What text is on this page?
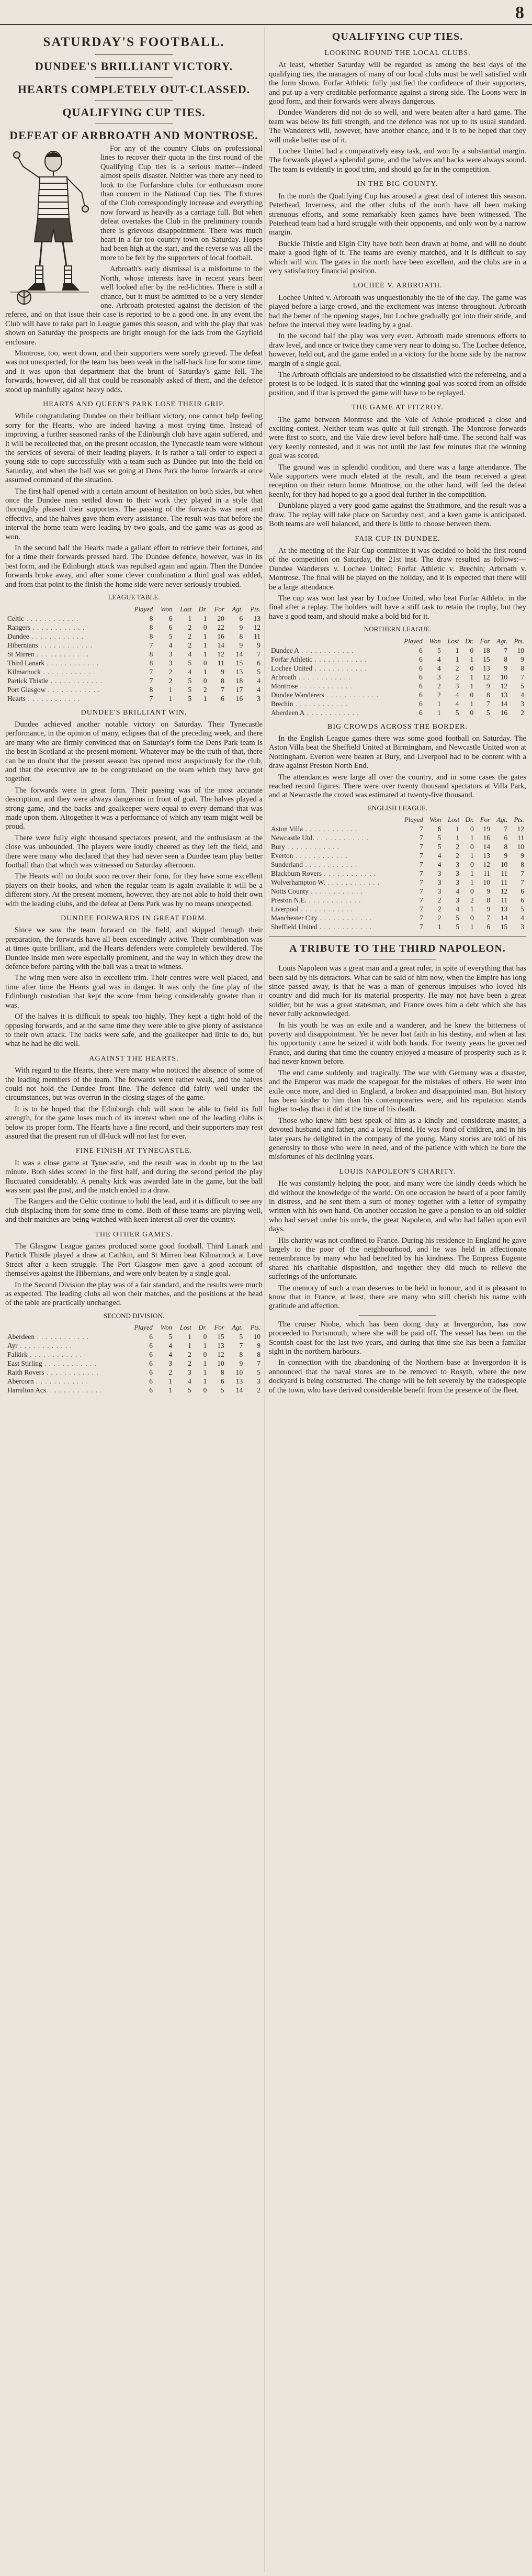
8
SATURDAY'S FOOTBALL.
DUNDEE'S BRILLIANT VICTORY.
HEARTS COMPLETELY OUT-CLASSED.
QUALIFYING CUP TIES.
DEFEAT OF ARBROATH AND MONTROSE.

For any of the country Clubs on professional lines to recover their quota in the first round of the Qualifying Cup ties is a serious matter—indeed almost spells disaster. Neither was there any need to look to the Forfarshire clubs for enthusiasm more than concern in the National Cup ties. The fixtures of the Club correspondingly increase and everything now forward as heavily as a carriage full. But when defeat overtakes the Club in the preliminary rounds there is grievous disappointment. There was much heart in a far too country town on Saturday. Hopes had been high at the start, and the reverse was all the more to be felt by the supporters of local football.

Arbroath's early dismissal is a misfortune to the North, whose interests have in recent years been well looked after by the red-lichties. There is still a chance, but it must be admitted to be a very slender one. Arbroath protested against the decision of the referee, and on that issue their case is reported to be a good one. In any event the Club will have to take part in League games this season, and with the play that was shown on Saturday the prospects are bright enough for the lads from the Gayfield enclosure.

Montrose, too, went down, and their supporters were sorely grieved. The defeat was not unexpected, for the team has been weak in the half-back line for some time, and it was upon that department that the brunt of Saturday's game fell. The forwards, however, did all that could be reasonably asked of them, and the defence stood up manfully against heavy odds.

HEARTS AND QUEEN'S PARK LOSE THEIR GRIP.

While congratulating Dundee on their brilliant victory, one cannot help feeling sorry for the Hearts, who are indeed having a most trying time. Instead of improving, a further seasoned ranks of the Edinburgh club have again suffered, and it will be recollected that, on the present occasion, the Tynecastle team were without the services of several of their leading players. It is rather a tall order to expect a young side to cope successfully with a team such as Dundee put into the field on Saturday, and when the ball was set going at Dens Park the home forwards at once assumed command of the situation.

The first half opened with a certain amount of hesitation on both sides, but when once the Dundee men settled down to their work they played in a style that thoroughly pleased their supporters. The passing of the forwards was neat and effective, and the halves gave them every assistance. The result was that before the interval the home team were leading by two goals, and the game was as good as won.

In the second half the Hearts made a gallant effort to retrieve their fortunes, and for a time their forwards pressed hard. The Dundee defence, however, was in its best form, and the Edinburgh attack was repulsed again and again. Then the Dundee forwards broke away, and after some clever combination a third goal was added, and from that point to the finish the home side were never seriously troubled.

LEAGUE TABLE.
	Played	Won	Lost	Dr.	For	Agt.	Pts.
Celtic . . .	8	6	1	1	20	6	13
Rangers . . .	8	6	2	0	22	9	12
Dundee . . .	8	5	2	1	16	8	11
Hibernians . . .	7	4	2	1	14	9	9
St Mirren . . .	8	3	4	1	12	14	7
Third Lanark . . .	8	3	5	0	11	15	6
Kilmarnock . . .	7	2	4	1	9	13	5
Partick Thistle . . .	7	2	5	0	8	18	4
Port Glasgow . . .	8	1	5	2	7	17	4
Hearts . . .	7	1	5	1	6	16	3
DUNDEE'S BRILLIANT WIN.

Dundee achieved another notable victory on Saturday. Their Tynecastle performance, in the opinion of many, eclipses that of the preceding week, and there are many who are firmly convinced that on Saturday's form the Dens Park team is the best in Scotland at the present moment. Whatever may be the truth of that, there can be no doubt that the present season has opened most auspiciously for the club, and that the executive are to be congratulated on the team which they have got together.

The forwards were in great form. Their passing was of the most accurate description, and they were always dangerous in front of goal. The halves played a strong game, and the backs and goalkeeper were equal to every demand that was made upon them. Altogether it was a performance of which any team might well be proud.

There were fully eight thousand spectators present, and the enthusiasm at the close was unbounded. The players were loudly cheered as they left the field, and there were many who declared that they had never seen a Dundee team play better football than that which was witnessed on Saturday afternoon.

The Hearts will no doubt soon recover their form, for they have some excellent players on their books, and when the regular team is again available it will be a different story. At the present moment, however, they are not able to hold their own with the leading clubs, and the defeat at Dens Park was by no means unexpected.

DUNDEE FORWARDS IN GREAT FORM.

Since we saw the team forward on the field, and skipped through their preparation, the forwards have all been exceedingly active. Their combination was at times quite brilliant, and the Hearts defenders were completely bewildered. The Dundee inside men were especially prominent, and the way in which they drew the defence before parting with the ball was a treat to witness.

The wing men were also in excellent trim. Their centres were well placed, and time after time the Hearts goal was in danger. It was only the fine play of the Edinburgh custodian that kept the score from being considerably greater than it was.

Of the halves it is difficult to speak too highly. They kept a tight hold of the opposing forwards, and at the same time they were able to give plenty of assistance to their own attack. The backs were safe, and the goalkeeper had little to do, but what he had he did well.

AGAINST THE HEARTS.

With regard to the Hearts, there were many who noticed the absence of some of the leading members of the team. The forwards were rather weak, and the halves could not hold the Dundee front line. The defence did fairly well under the circumstances, but was overrun in the closing stages of the game.

It is to be hoped that the Edinburgh club will soon be able to field its full strength, for the game loses much of its interest when one of the leading clubs is below its proper form. The Hearts have a fine record, and their supporters may rest assured that the present run of ill-luck will not last for ever.

FINE FINISH AT TYNECASTLE.

It was a close game at Tynecastle, and the result was in doubt up to the last minute. Both sides scored in the first half, and during the second period the play fluctuated considerably. A penalty kick was awarded late in the game, but the ball was sent past the post, and the match ended in a draw.

The Rangers and the Celtic continue to hold the lead, and it is difficult to see any club displacing them for some time to come. Both of these teams are playing well, and their matches are being watched with keen interest all over the country.

THE OTHER GAMES.

The Glasgow League games produced some good football. Third Lanark and Partick Thistle played a draw at Cathkin, and St Mirren beat Kilmarnock at Love Street after a keen struggle. The Port Glasgow men gave a good account of themselves against the Hibernians, and were only beaten by a single goal.

In the Second Division the play was of a fair standard, and the results were much as expected. The leading clubs all won their matches, and the positions at the head of the table are practically unchanged.

SECOND DIVISION.
	Played	Won	Lost	Dr.	For	Agt.	Pts.
Aberdeen . . .	6	5	1	0	15	5	10
Ayr . . .	6	4	1	1	13	7	9
Falkirk . . .	6	4	2	0	12	8	8
East Stirling . . .	6	3	2	1	10	9	7
Raith Rovers . . .	6	2	3	1	8	10	5
Abercorn . . .	6	1	4	1	6	13	3
Hamilton Acs. . . .	6	1	5	0	5	14	2
QUALIFYING CUP TIES.
LOOKING ROUND THE LOCAL CLUBS.

At least, whether Saturday will be regarded as among the best days of the qualifying ties, the managers of many of our local clubs must be well satisfied with the form shown. Forfar Athletic fully justified the confidence of their supporters, and put up a very creditable performance against a strong side. The Loons were in good form, and their forwards were always dangerous.

Dundee Wanderers did not do so well, and were beaten after a hard game. The team was below its full strength, and the defence was not up to its usual standard. The Wanderers will, however, have another chance, and it is to be hoped that they will make better use of it.

Lochee United had a comparatively easy task, and won by a substantial margin. The forwards played a splendid game, and the halves and backs were always sound. The team is evidently in good trim, and should go far in the competition.

IN THE BIG COUNTY.

In the north the Qualifying Cup has aroused a great deal of interest this season. Peterhead, Inverness, and the other clubs of the north have all been making strenuous efforts, and some remarkably keen games have been witnessed. The Peterhead team had a hard struggle with their opponents, and only won by a narrow margin.

Buckie Thistle and Elgin City have both been drawn at home, and will no doubt make a good fight of it. The teams are evenly matched, and it is difficult to say which will win. The gates in the north have been excellent, and the clubs are in a very satisfactory financial position.

LOCHEE V. ARBROATH.

Lochee United v. Arbroath was unquestionably the tie of the day. The game was played before a large crowd, and the excitement was intense throughout. Arbroath had the better of the opening stages, but Lochee gradually got into their stride, and before the interval they were leading by a goal.

In the second half the play was very even. Arbroath made strenuous efforts to draw level, and once or twice they came very near to doing so. The Lochee defence, however, held out, and the game ended in a victory for the home side by the narrow margin of a single goal.

The Arbroath officials are understood to be dissatisfied with the refereeing, and a protest is to be lodged. It is stated that the winning goal was scored from an offside position, and if that is proved the game will have to be replayed.

THE GAME AT FITZROY.

The game between Montrose and the Vale of Athole produced a close and exciting contest. Neither team was quite at full strength. The Montrose forwards were first to score, and the Vale drew level before half-time. The second half was very keenly contested, and it was not until the last few minutes that the winning goal was scored.

The ground was in splendid condition, and there was a large attendance. The Vale supporters were much elated at the result, and the team received a great reception on their return home. Montrose, on the other hand, will feel the defeat keenly, for they had hoped to go a good deal further in the competition.

Dunblane played a very good game against the Strathmore, and the result was a draw. The replay will take place on Saturday next, and a keen game is anticipated. Both teams are well balanced, and there is little to choose between them.

FAIR CUP IN DUNDEE.

At the meeting of the Fair Cup committee it was decided to hold the first round of the competition on Saturday, the 21st inst. The draw resulted as follows:—Dundee Wanderers v. Lochee United; Forfar Athletic v. Brechin; Arbroath v. Montrose. The final will be played on the holiday, and it is expected that there will be a large attendance.

The cup was won last year by Lochee United, who beat Forfar Athletic in the final after a replay. The holders will have a stiff task to retain the trophy, but they have a good team, and should make a bold bid for it.

NORTHERN LEAGUE.
	Played	Won	Lost	Dr.	For	Agt.	Pts.
Dundee A . . .	6	5	1	0	18	7	10
Forfar Athletic . . .	6	4	1	1	15	8	9
Lochee United . . .	6	4	2	0	13	9	8
Arbroath . . .	6	3	2	1	12	10	7
Montrose . . .	6	2	3	1	9	12	5
Dundee Wanderers . . .	6	2	4	0	8	13	4
Brechin . . .	6	1	4	1	7	14	3
Aberdeen A . . .	6	1	5	0	5	16	2
BIG CROWDS ACROSS THE BORDER.

In the English League games there was some good football on Saturday. The Aston Villa beat the Sheffield United at Birmingham, and Newcastle United won at Nottingham. Everton were beaten at Bury, and Liverpool had to be content with a draw against Preston North End.

The attendances were large all over the country, and in some cases the gates reached record figures. There were over twenty thousand spectators at Villa Park, and at Newcastle the crowd was estimated at twenty-five thousand.

ENGLISH LEAGUE.
	Played	Won	Lost	Dr.	For	Agt.	Pts.
Aston Villa . . .	7	6	1	0	19	7	12
Newcastle Utd. . . .	7	5	1	1	16	6	11
Bury . . .	7	5	2	0	14	8	10
Everton . . .	7	4	2	1	13	9	9
Sunderland . . .	7	4	3	0	12	10	8
Blackburn Rovers . . .	7	3	3	1	11	11	7
Wolverhampton W. . . .	7	3	3	1	10	11	7
Notts County . . .	7	3	4	0	9	12	6
Preston N.E. . . .	7	2	3	2	8	11	6
Liverpool . . .	7	2	4	1	9	13	5
Manchester City . . .	7	2	5	0	7	14	4
Sheffield United . . .	7	1	5	1	6	15	3
A TRIBUTE TO THE THIRD NAPOLEON.

Louis Napoleon was a great man and a great ruler, in spite of everything that has been said by his detractors. What can be said of him now, when the Empire has long since passed away, is that he was a man of generous impulses who loved his country and did much for its material prosperity. He may not have been a great soldier, but he was a great statesman, and France owes him a debt which she has never fully acknowledged.

In his youth he was an exile and a wanderer, and he knew the bitterness of poverty and disappointment. Yet he never lost faith in his destiny, and when at last his opportunity came he seized it with both hands. For twenty years he governed France, and during that time the country enjoyed a measure of prosperity such as it had never known before.

The end came suddenly and tragically. The war with Germany was a disaster, and the Emperor was made the scapegoat for the mistakes of others. He went into exile once more, and died in England, a broken and disappointed man. But history has been kinder to him than his contemporaries were, and his reputation stands higher to-day than it did at the time of his death.

Those who knew him best speak of him as a kindly and considerate master, a devoted husband and father, and a loyal friend. He was fond of children, and in his later years he delighted in the company of the young. Many stories are told of his generosity to those who were in need, and of the patience with which he bore the misfortunes of his declining years.

LOUIS NAPOLEON'S CHARITY.

He was constantly helping the poor, and many were the kindly deeds which he did without the knowledge of the world. On one occasion he heard of a poor family in distress, and he sent them a sum of money together with a letter of sympathy written with his own hand. On another occasion he gave a pension to an old soldier who had served under his uncle, the great Napoleon, and who had fallen upon evil days.

His charity was not confined to France. During his residence in England he gave largely to the poor of the neighbourhood, and he was held in affectionate remembrance by many who had benefited by his kindness. The Empress Eugenie shared his charitable disposition, and together they did much to relieve the sufferings of the unfortunate.

The memory of such a man deserves to be held in honour, and it is pleasant to know that in France, at least, there are many who still cherish his name with gratitude and affection.

The cruiser Niobe, which has been doing duty at Invergordon, has now proceeded to Portsmouth, where she will be paid off. The vessel has been on the Scottish coast for the last two years, and during that time she has been a familiar sight in the northern harbours.

In connection with the abandoning of the Northern base at Invergordon it is announced that the naval stores are to be removed to Rosyth, where the new dockyard is being constructed. The change will be felt severely by the tradespeople of the town, who have derived considerable benefit from the presence of the fleet.
